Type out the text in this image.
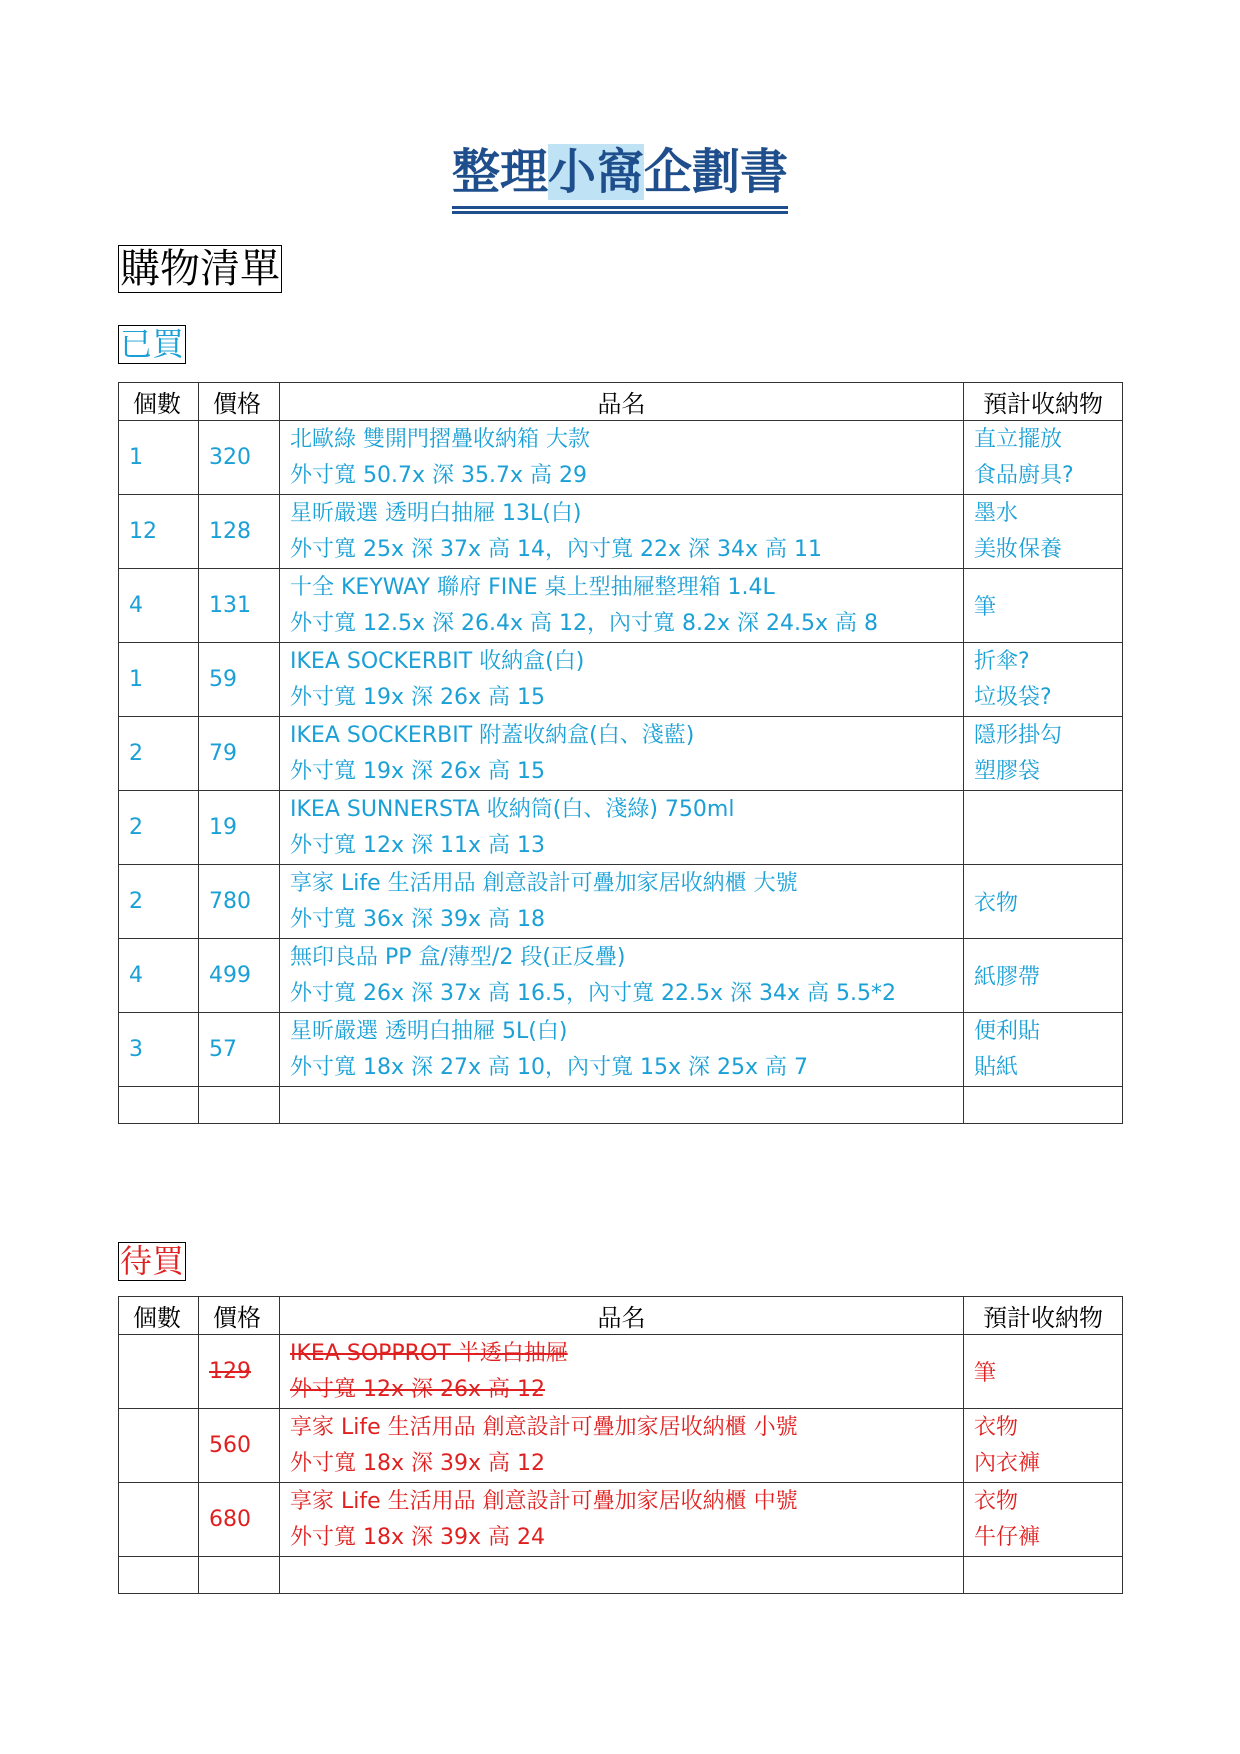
整理小窩企劃書
購物清單
已買
個數	價格	品名	預計收納物
1	320	北歐綠 雙開門摺疊收納箱 大款
外寸寬 50.7x 深 35.7x 高 29	直立擺放
食品廚具?

12	128	星昕嚴選 透明白抽屜 13L(白)
外寸寬 25x 深 37x 高 14，內寸寬 22x 深 34x 高 11	墨水
美妝保養

4	131	十全 KEYWAY 聯府 FINE 桌上型抽屜整理箱 1.4L
外寸寬 12.5x 深 26.4x 高 12，內寸寬 8.2x 深 24.5x 高 8	筆
1	59	IKEA SOCKERBIT 收納盒(白)
外寸寬 19x 深 26x 高 15	折傘?
垃圾袋?

2	79	IKEA SOCKERBIT 附蓋收納盒(白、淺藍)
外寸寬 19x 深 26x 高 15	隱形掛勾
塑膠袋

2	19	IKEA SUNNERSTA 收納筒(白、淺綠) 750ml
外寸寬 12x 深 11x 高 13	

2	780	享家 Life 生活用品 創意設計可疊加家居收納櫃 大號
外寸寬 36x 深 39x 高 18	衣物
4	499	無印良品 PP 盒/薄型/2 段(正反疊)
外寸寬 26x 深 37x 高 16.5，內寸寬 22.5x 深 34x 高 5.5*2	紙膠帶
3	57	星昕嚴選 透明白抽屜 5L(白)
外寸寬 18x 深 27x 高 10，內寸寬 15x 深 25x 高 7	便利貼
貼紙

待買
個數	價格	品名	預計收納物
	129	IKEA SOPPROT 半透白抽屜
外寸寬 12x 深 26x 高 12	筆
	560	享家 Life 生活用品 創意設計可疊加家居收納櫃 小號
外寸寬 18x 深 39x 高 12	衣物
內衣褲

	680	享家 Life 生活用品 創意設計可疊加家居收納櫃 中號
外寸寬 18x 深 39x 高 24	衣物
牛仔褲
